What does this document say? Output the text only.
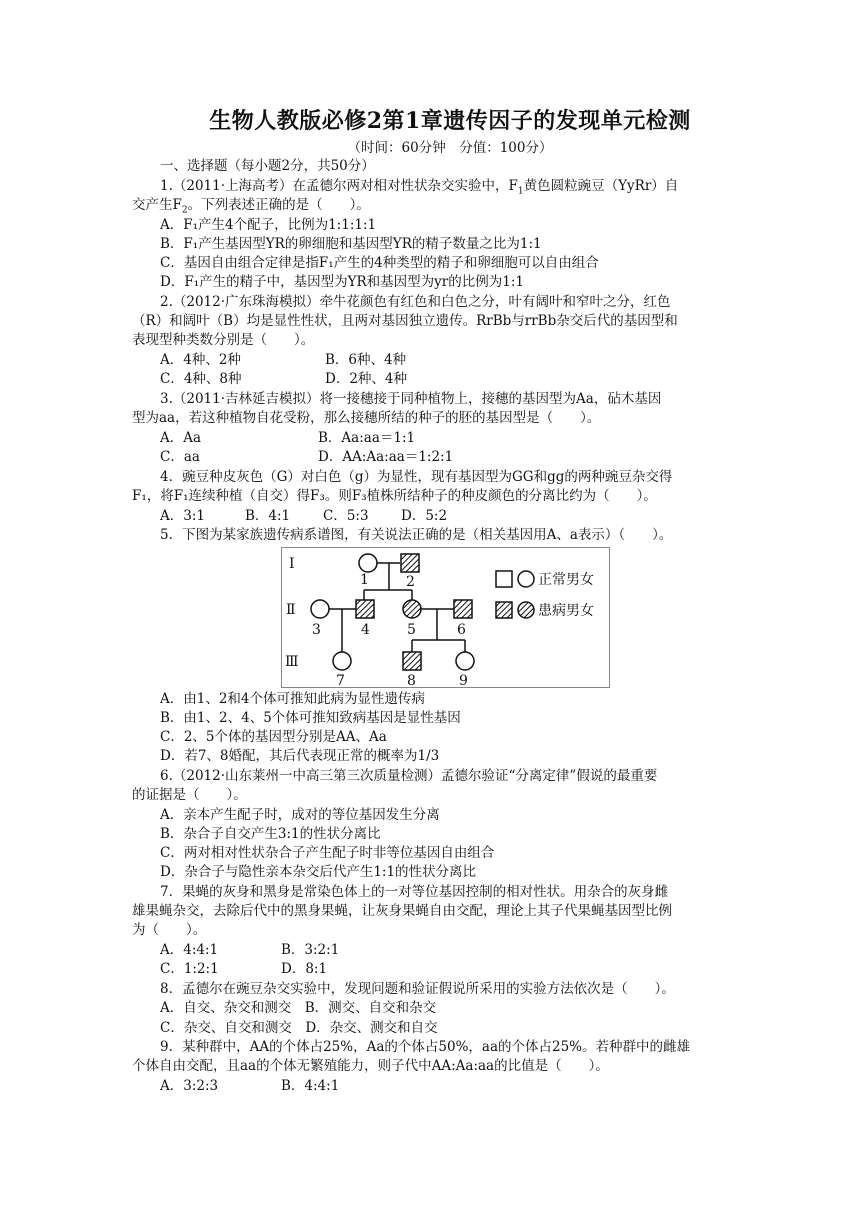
生物人教版必修2第1章遗传因子的发现单元检测
（时间：60分钟　分值：100分）
一、选择题（每小题2分，共50分）
1.（2011·上海高考）在孟德尔两对相对性状杂交实验中，$F_1$黄色圆粒豌豆（YyRr）自
交产生$F_2$。下列表述正确的是（　　）。
A．F₁产生4个配子，比例为1:1:1:1
B．F₁产生基因型YR的卵细胞和基因型YR的精子数量之比为1:1
C．基因自由组合定律是指F₁产生的4种类型的精子和卵细胞可以自由组合
D．F₁产生的精子中，基因型为YR和基因型为yr的比例为1:1
2.（2012·广东珠海模拟）牵牛花颜色有红色和白色之分，叶有阔叶和窄叶之分，红色
（R）和阔叶（B）均是显性性状，且两对基因独立遗传。RrBb与rrBb杂交后代的基因型和
表现型种类数分别是（　　）。
A．4种、2种	B．6种、4种
C．4种、8种	D．2种、4种
3.（2011·吉林延吉模拟）将一接穗接于同种植物上，接穗的基因型为Aa，砧木基因
型为aa，若这种植物自花受粉，那么接穗所结的种子的胚的基因型是（　　）。
A．Aa	B．Aa:aa＝1:1
C．aa	D．AA:Aa:aa＝1:2:1
4．豌豆种皮灰色（G）对白色（g）为显性，现有基因型为GG和gg的两种豌豆杂交得
F₁，将F₁连续种植（自交）得F₃。则F₃植株所结种子的种皮颜色的分离比约为（　　）。
A．3:1	B．4:1	C．5:3	D．5:2
5．下图为某家族遗传病系谱图，有关说法正确的是（相关基因用A、a表示）（　　）。
Ⅰ
Ⅱ
Ⅲ
1	2
3	4	5	6
7	8	9
正常男女
患病男女
A．由1、2和4个体可推知此病为显性遗传病
B．由1、2、4、5个体可推知致病基因是显性基因
C．2、5个体的基因型分别是AA、Aa
D．若7、8婚配，其后代表现正常的概率为1/3
6.（2012·山东莱州一中高三第三次质量检测）孟德尔验证“分离定律”假说的最重要
的证据是（　　）。
A．亲本产生配子时，成对的等位基因发生分离
B．杂合子自交产生3:1的性状分离比
C．两对相对性状杂合子产生配子时非等位基因自由组合
D．杂合子与隐性亲本杂交后代产生1:1的性状分离比
7．果蝇的灰身和黑身是常染色体上的一对等位基因控制的相对性状。用杂合的灰身雌
雄果蝇杂交，去除后代中的黑身果蝇，让灰身果蝇自由交配，理论上其子代果蝇基因型比例
为（　　）。
A．4:4:1	B．3:2:1
C．1:2:1	D．8:1
8．孟德尔在豌豆杂交实验中，发现问题和验证假说所采用的实验方法依次是（　　）。
A．自交、杂交和测交　B．测交、自交和杂交
C．杂交、自交和测交　D．杂交、测交和自交
9．某种群中，AA的个体占25%，Aa的个体占50%，aa的个体占25%。若种群中的雌雄
个体自由交配，且aa的个体无繁殖能力，则子代中AA:Aa:aa的比值是（　　）。
A．3:2:3	B．4:4:1
